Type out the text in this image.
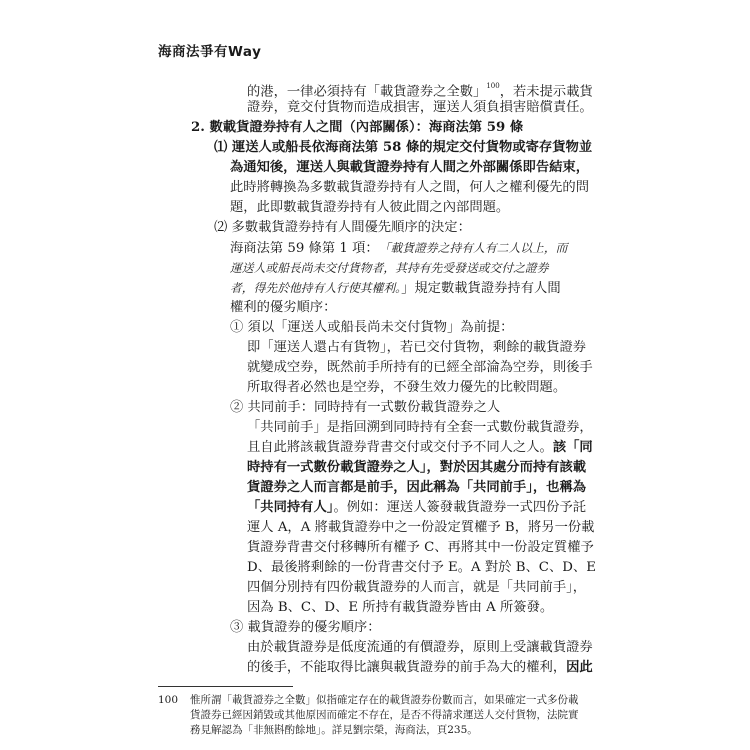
海商法爭有Way
的港，一律必須持有「載貨證券之全數」$^{100}$，若未提示載貨
證券，竟交付貨物而造成損害，運送人須負損害賠償責任。
2. 數載貨證券持有人之間（內部關係）：海商法第 59 條
⑴ 運送人或船長依海商法第 58 條的規定交付貨物或寄存貨物並
為通知後，運送人與載貨證券持有人間之外部關係即告結束，
此時將轉換為多數載貨證券持有人之間，何人之權利優先的問
題，此即數載貨證券持有人彼此間之內部問題。
⑵ 多數載貨證券持有人間優先順序的決定：
海商法第 59 條第 1 項：「載貨證券之持有人有二人以上，而
運送人或船長尚未交付貨物者，其持有先受發送或交付之證券
者，得先於他持有人行使其權利。」規定數載貨證券持有人間
權利的優劣順序：
① 須以「運送人或船長尚未交付貨物」為前提：
即「運送人還占有貨物」，若已交付貨物，剩餘的載貨證券
就變成空券，既然前手所持有的已經全部淪為空券，則後手
所取得者必然也是空券，不發生效力優先的比較問題。
② 共同前手：同時持有一式數份載貨證券之人
「共同前手」是指回溯到同時持有全套一式數份載貨證券，
且自此將該載貨證券背書交付或交付予不同人之人。該「同
時持有一式數份載貨證券之人」，對於因其處分而持有該載
貨證券之人而言都是前手，因此稱為「共同前手」，也稱為
「共同持有人」。例如：運送人簽發載貨證券一式四份予託
運人 A，A 將載貨證券中之一份設定質權予 B，將另一份載
貨證券背書交付移轉所有權予 C、再將其中一份設定質權予
D、最後將剩餘的一份背書交付予 E。A 對於 B、C、D、E
四個分別持有四份載貨證券的人而言，就是「共同前手」，
因為 B、C、D、E 所持有載貨證券皆由 A 所簽發。
③ 載貨證券的優劣順序：
由於載貨證券是低度流通的有價證券，原則上受讓載貨證券
的後手，不能取得比讓與載貨證券的前手為大的權利，因此
100 惟所謂「載貨證券之全數」似指確定存在的載貨證券份數而言，如果確定一式多份載
貨證券已經因銷毀或其他原因而確定不存在，是否不得請求運送人交付貨物，法院實
務見解認為「非無斟酌餘地」。詳見劉宗榮，海商法，頁235。
